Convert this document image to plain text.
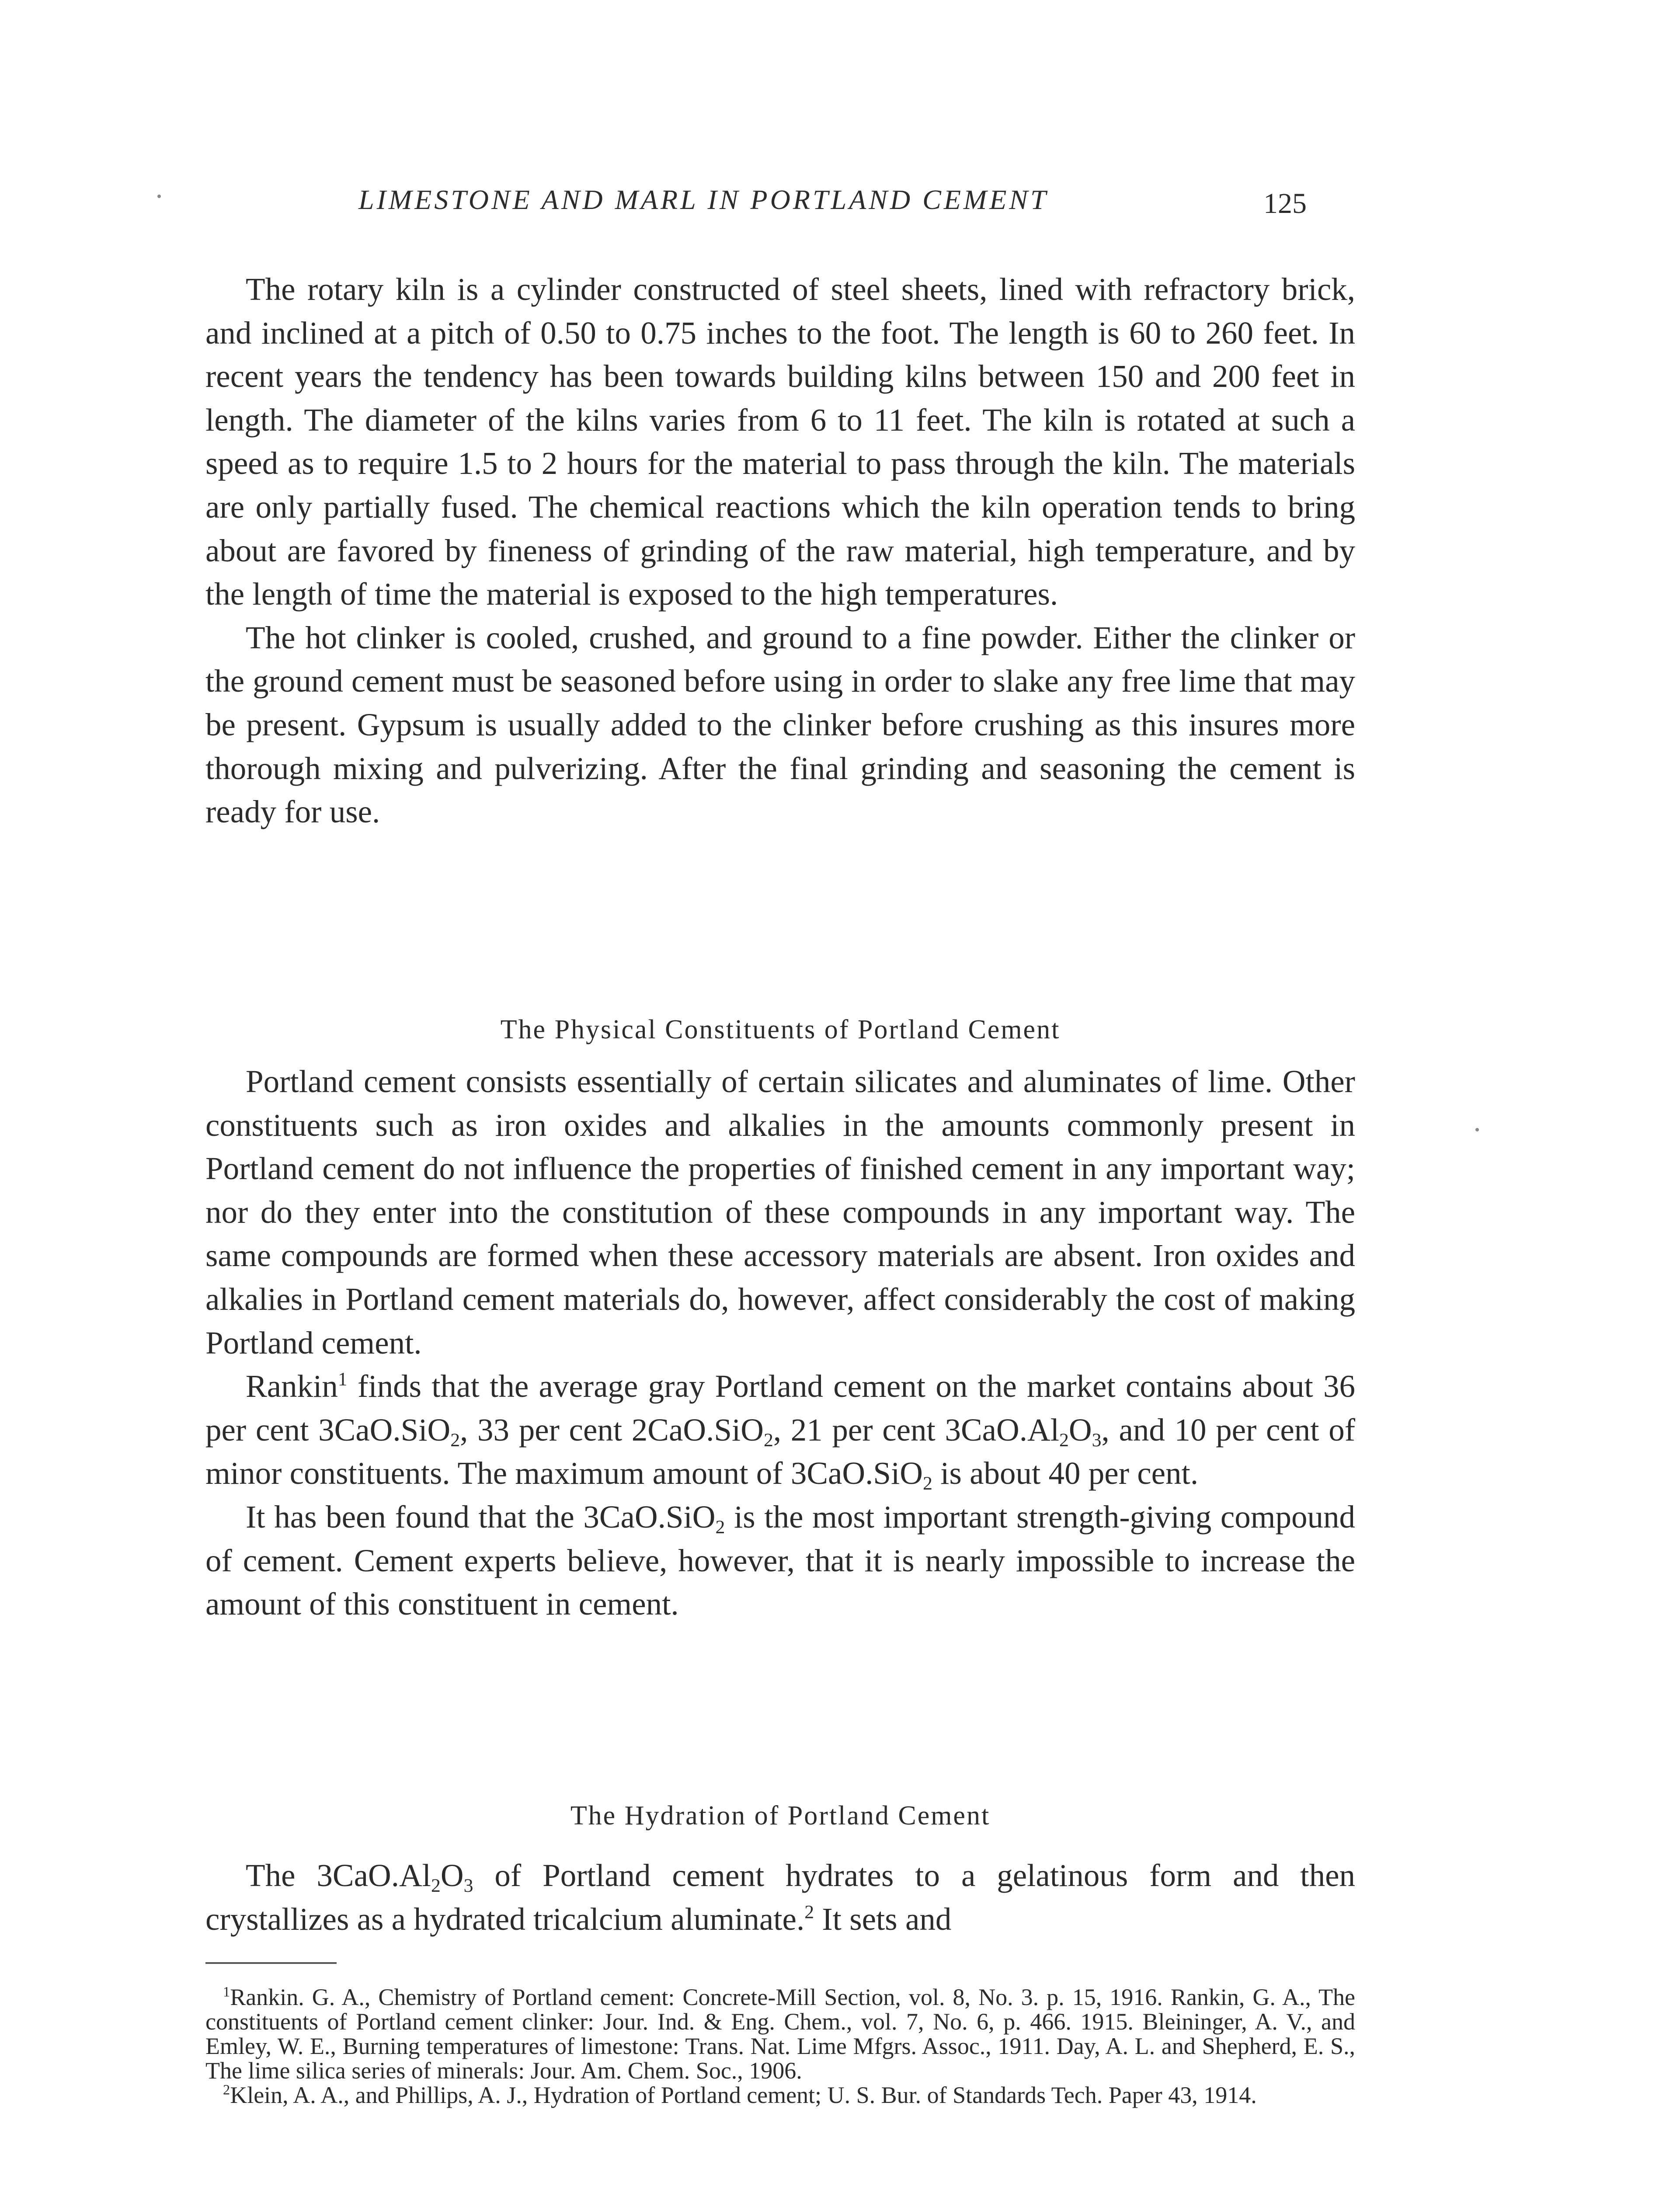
LIMESTONE AND MARL IN PORTLAND CEMENT	125

The rotary kiln is a cylinder constructed of steel sheets, lined with refractory brick, and inclined at a pitch of 0.50 to 0.75 inches to the foot. The length is 60 to 260 feet. In recent years the tendency has been towards building kilns between 150 and 200 feet in length. The diameter of the kilns varies from 6 to 11 feet. The kiln is rotated at such a speed as to require 1.5 to 2 hours for the material to pass through the kiln. The materials are only partially fused. The chemical reactions which the kiln operation tends to bring about are favored by fineness of grinding of the raw material, high temperature, and by the length of time the material is exposed to the high temperatures.

The hot clinker is cooled, crushed, and ground to a fine powder. Either the clinker or the ground cement must be seasoned before using in order to slake any free lime that may be present. Gypsum is usually added to the clinker before crushing as this insures more thorough mixing and pulverizing. After the final grinding and seasoning the cement is ready for use.

The Physical Constituents of Portland Cement

Portland cement consists essentially of certain silicates and aluminates of lime. Other constituents such as iron oxides and alkalies in the amounts commonly present in Portland cement do not influence the properties of finished cement in any important way; nor do they enter into the constitution of these compounds in any important way. The same compounds are formed when these accessory materials are absent. Iron oxides and alkalies in Portland cement materials do, however, affect considerably the cost of making Portland cement.

Rankin$^1$ finds that the average gray Portland cement on the market contains about 36 per cent 3CaO.SiO$_2$, 33 per cent 2CaO.SiO$_2$, 21 per cent $3CaO.Al_2O_3$, and 10 per cent of minor constituents. The maximum amount of 3CaO.SiO$_2$ is about 40 per cent.

It has been found that the 3CaO.SiO$_2$ is the most important strength-giving compound of cement. Cement experts believe, however, that it is nearly impossible to increase the amount of this constituent in cement.

The Hydration of Portland Cement

The $3CaO.Al_2O_3$ of Portland cement hydrates to a gelatinous form and then crystallizes as a hydrated tricalcium aluminate.$^2$ It sets and

$^1$Rankin. G. A., Chemistry of Portland cement: Concrete-Mill Section, vol. 8, No. 3. p. 15, 1916. Rankin, G. A., The constituents of Portland cement clinker: Jour. Ind. & Eng. Chem., vol. 7, No. 6, p. 466. 1915. Bleininger, A. V., and Emley, W. E., Burning temperatures of limestone: Trans. Nat. Lime Mfgrs. Assoc., 1911. Day, A. L. and Shepherd, E. S., The lime silica series of minerals: Jour. Am. Chem. Soc., 1906.

$^2$Klein, A. A., and Phillips, A. J., Hydration of Portland cement; U. S. Bur. of Standards Tech. Paper 43, 1914.
